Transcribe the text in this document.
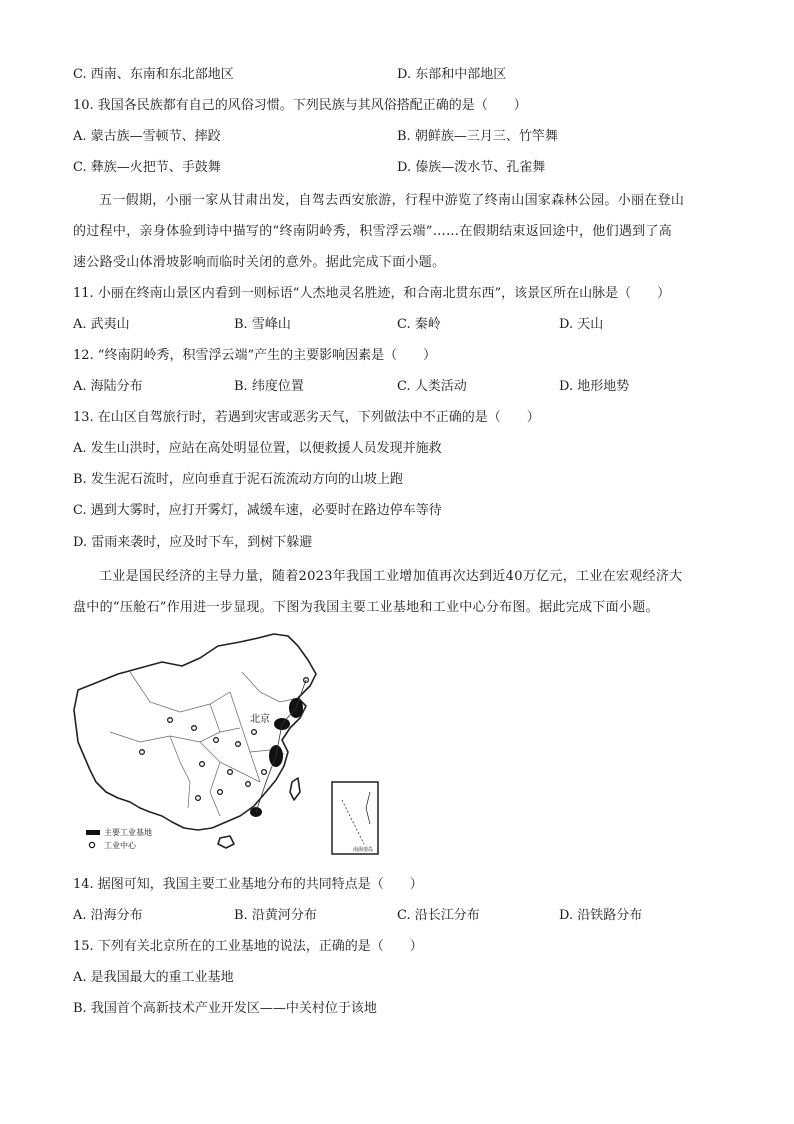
C. 西南、东南和东北部地区	D. 东部和中部地区
10. 我国各民族都有自己的风俗习惯。下列民族与其风俗搭配正确的是（　　）
A. 蒙古族—雪顿节、摔跤	B. 朝鲜族—三月三、竹竿舞
C. 彝族—火把节、手鼓舞	D. 傣族—泼水节、孔雀舞
五一假期，小丽一家从甘肃出发，自驾去西安旅游，行程中游览了终南山国家森林公园。小丽在登山
的过程中，亲身体验到诗中描写的“终南阴岭秀，积雪浮云端”……在假期结束返回途中，他们遇到了高
速公路受山体滑坡影响而临时关闭的意外。据此完成下面小题。
11. 小丽在终南山景区内看到一则标语“人杰地灵名胜迹，和合南北贯东西”，该景区所在山脉是（　　）
A. 武夷山	B. 雪峰山	C. 秦岭	D. 天山
12. “终南阴岭秀，积雪浮云端”产生的主要影响因素是（　　）
A. 海陆分布	B. 纬度位置	C. 人类活动	D. 地形地势
13. 在山区自驾旅行时，若遇到灾害或恶劣天气，下列做法中不正确的是（　　）
A. 发生山洪时，应站在高处明显位置，以便救援人员发现并施救
B. 发生泥石流时，应向垂直于泥石流流动方向的山坡上跑
C. 遇到大雾时，应打开雾灯，减缓车速，必要时在路边停车等待
D. 雷雨来袭时，应及时下车，到树下躲避
工业是国民经济的主导力量，随着2023年我国工业增加值再次达到近40万亿元，工业在宏观经济大
盘中的“压舱石”作用进一步显现。下图为我国主要工业基地和工业中心分布图。据此完成下面小题。
北京
主要工业基地
工业中心	南海诸岛
14. 据图可知，我国主要工业基地分布的共同特点是（　　）
A. 沿海分布	B. 沿黄河分布	C. 沿长江分布	D. 沿铁路分布
15. 下列有关北京所在的工业基地的说法，正确的是（　　）
A. 是我国最大的重工业基地
B. 我国首个高新技术产业开发区——中关村位于该地
